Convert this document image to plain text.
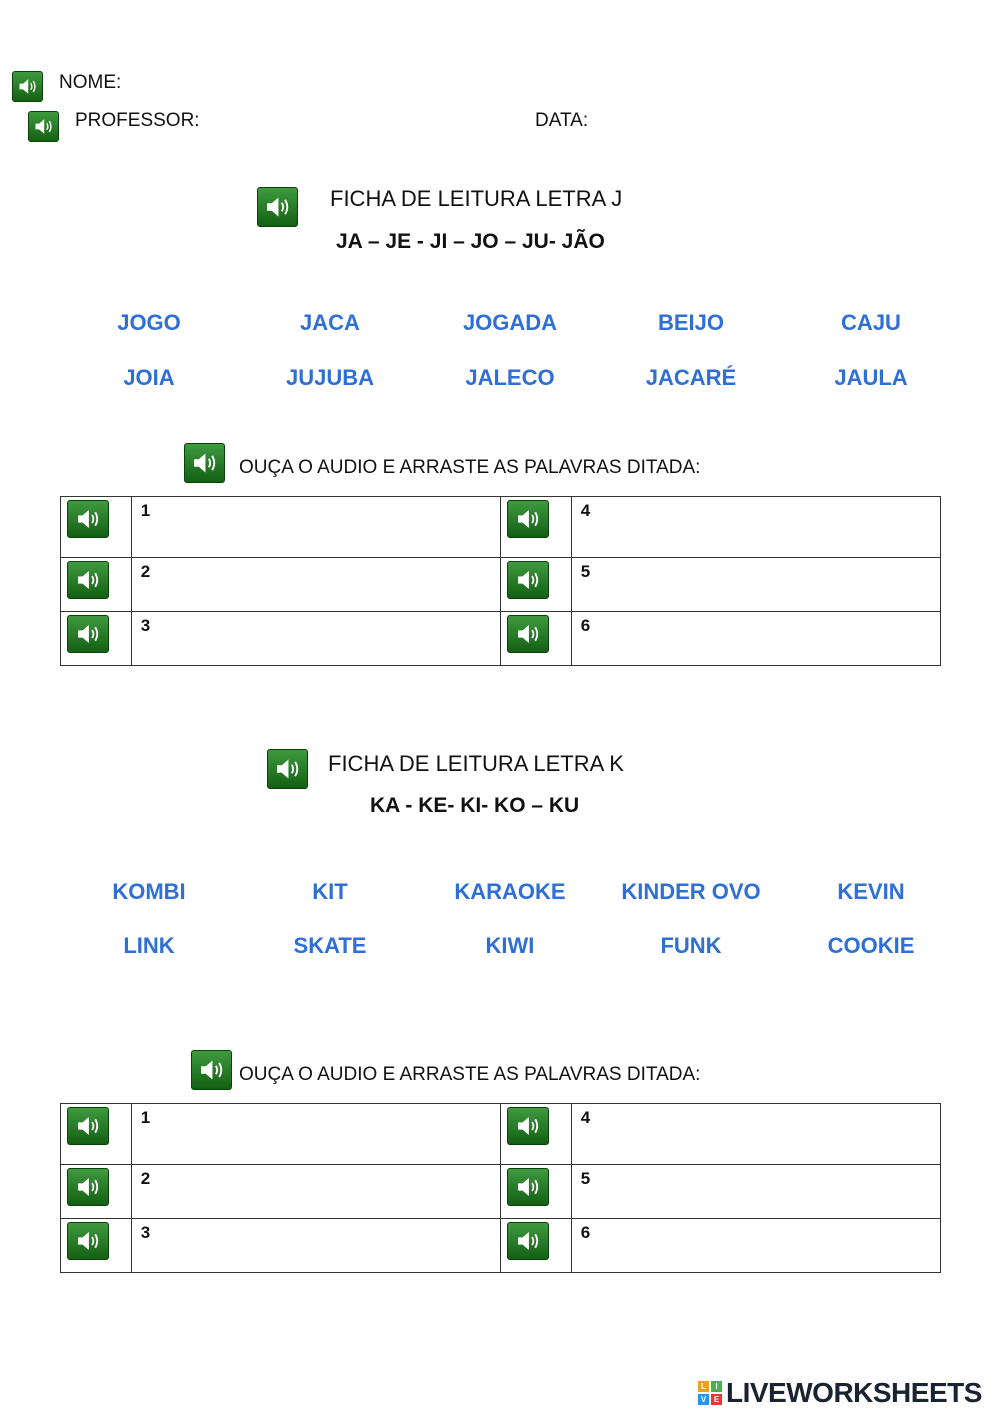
NOME:
PROFESSOR:	DATA:
FICHA DE LEITURA LETRA J
JA – JE - JI – JO – JU- JÃO
JOGO	JACA	JOGADA	BEIJO	CAJU
JOIA	JUJUBA	JALECO	JACARÉ	JAULA
OUÇA O AUDIO E ARRASTE AS PALAVRAS DITADA:

1		4

2		5

3		6
FICHA DE LEITURA LETRA K
KA - KE- KI- KO – KU
KOMBI	KIT	KARAOKE	KINDER OVO	KEVIN
LINK	SKATE	KIWI	FUNK	COOKIE
OUÇA O AUDIO E ARRASTE AS PALAVRAS DITADA:

1		4

2		5

3		6
L	I
V E LIVEWORKSHEETS
